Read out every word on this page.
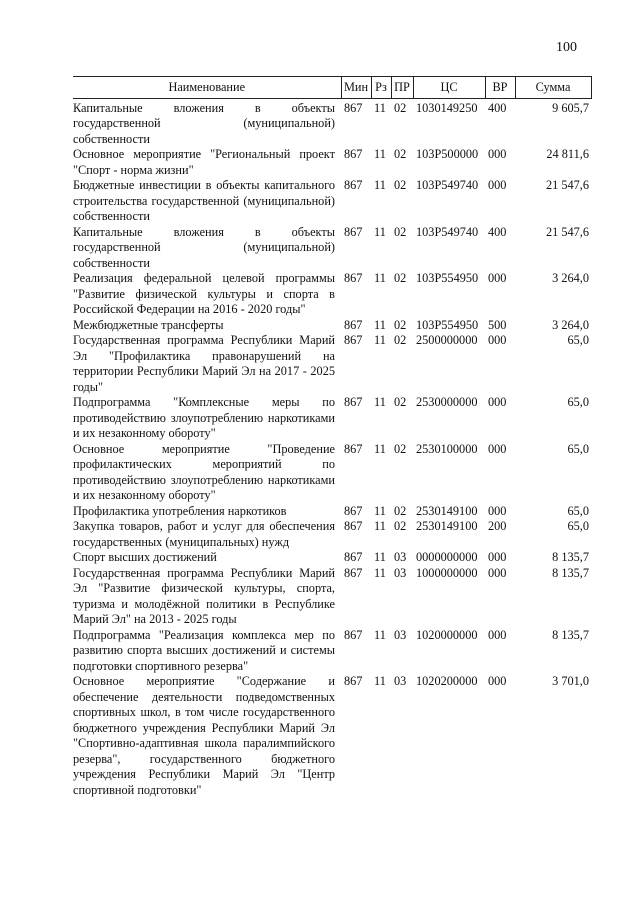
100
Наименование	Мин	Рз	ПР	ЦС	ВР	Сумма
Капитальные вложения в объекты государственной (муниципальной) собственности	867	11	02	1030149250	400	9 605,7
Основное мероприятие "Региональный проект "Спорт - норма жизни"	867	11	02	103P500000	000	24 811,6
Бюджетные инвестиции в объекты капитального строительства государственной (муниципальной) собственности	867	11	02	103P549740	000	21 547,6
Капитальные вложения в объекты государственной (муниципальной) собственности	867	11	02	103P549740	400	21 547,6
Реализация федеральной целевой программы "Развитие физической культуры и спорта в Российской Федерации на 2016 - 2020 годы"	867	11	02	103P554950	000	3 264,0
Межбюджетные трансферты	867	11	02	103P554950	500	3 264,0
Государственная программа Республики Марий Эл "Профилактика правонарушений на территории Республики Марий Эл на 2017 - 2025 годы"	867	11	02	2500000000	000	65,0
Подпрограмма "Комплексные меры по противодействию злоупотреблению наркотиками и их незаконному обороту"	867	11	02	2530000000	000	65,0
Основное мероприятие "Проведение профилактических мероприятий по противодействию злоупотреблению наркотиками и их незаконному обороту"	867	11	02	2530100000	000	65,0
Профилактика употребления наркотиков	867	11	02	2530149100	000	65,0
Закупка товаров, работ и услуг для обеспечения государственных (муниципальных) нужд	867	11	02	2530149100	200	65,0
Спорт высших достижений	867	11	03	0000000000	000	8 135,7
Государственная программа Республики Марий Эл "Развитие физической культуры, спорта, туризма и молодёжной политики в Республике Марий Эл" на 2013 - 2025 годы	867	11	03	1000000000	000	8 135,7
Подпрограмма "Реализация комплекса мер по развитию спорта высших достижений и системы подготовки спортивного резерва"	867	11	03	1020000000	000	8 135,7
Основное мероприятие "Содержание и обеспечение деятельности подведомственных спортивных школ, в том числе государственного бюджетного учреждения Республики Марий Эл "Спортивно-адаптивная школа паралимпийского резерва", государственного бюджетного учреждения Республики Марий Эл "Центр спортивной подготовки"	867	11	03	1020200000	000	3 701,0
